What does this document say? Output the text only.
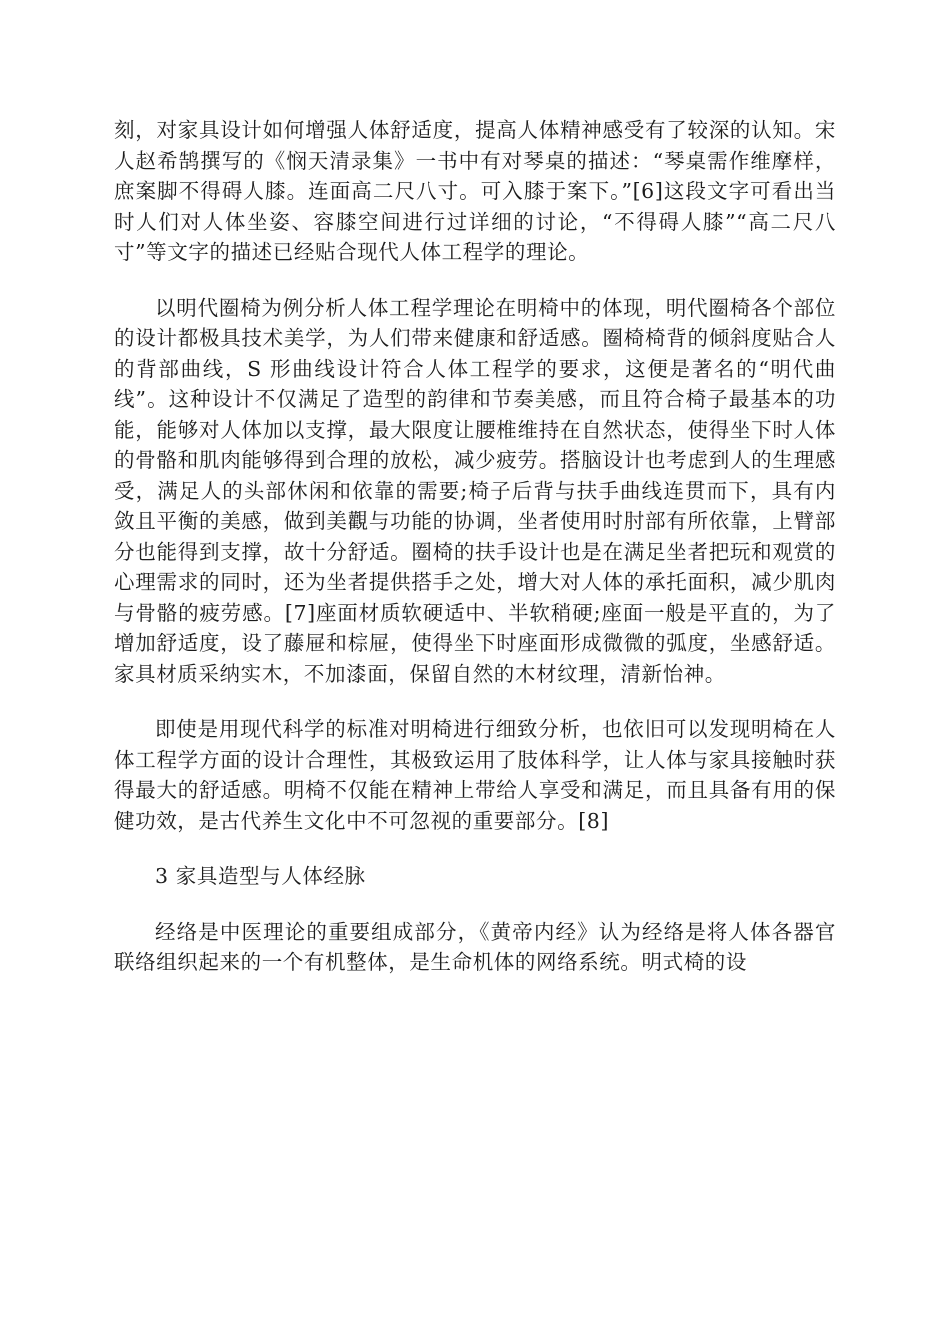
刻，对家具设计如何增强人体舒适度，提高人体精神感受有了较深的认知。宋人赵希鹄撰写的《悯天清录集》一书中有对琴桌的描述：“琴桌需作维摩样，庶案脚不得碍人膝。连面高二尺八寸。可入膝于案下。”[6]这段文字可看出当时人们对人体坐姿、容膝空间进行过详细的讨论，“不得碍人膝”“高二尺八寸”等文字的描述已经贴合现代人体工程学的理论。

以明代圈椅为例分析人体工程学理论在明椅中的体现，明代圈椅各个部位的设计都极具技术美学，为人们带来健康和舒适感。圈椅椅背的倾斜度贴合人的背部曲线，S 形曲线设计符合人体工程学的要求，这便是著名的“明代曲线”。这种设计不仅满足了造型的韵律和节奏美感，而且符合椅子最基本的功能，能够对人体加以支撑，最大限度让腰椎维持在自然状态，使得坐下时人体的骨骼和肌肉能够得到合理的放松，减少疲劳。搭脑设计也考虑到人的生理感受，满足人的头部休闲和依靠的需要;椅子后背与扶手曲线连贯而下，具有内敛且平衡的美感，做到美觀与功能的协调，坐者使用时肘部有所依靠，上臂部分也能得到支撑，故十分舒适。圈椅的扶手设计也是在满足坐者把玩和观赏的心理需求的同时，还为坐者提供搭手之处，增大对人体的承托面积，减少肌肉与骨骼的疲劳感。[7]座面材质软硬适中、半软稍硬;座面一般是平直的，为了增加舒适度，设了藤屉和棕屉，使得坐下时座面形成微微的弧度，坐感舒适。家具材质采纳实木，不加漆面，保留自然的木材纹理，清新怡神。

即使是用现代科学的标准对明椅进行细致分析，也依旧可以发现明椅在人体工程学方面的设计合理性，其极致运用了肢体科学，让人体与家具接触时获得最大的舒适感。明椅不仅能在精神上带给人享受和满足，而且具备有用的保健功效，是古代养生文化中不可忽视的重要部分。[8]

3 家具造型与人体经脉

经络是中医理论的重要组成部分，《黄帝内经》认为经络是将人体各器官联络组织起来的一个有机整体，是生命机体的网络系统。明式椅的设
